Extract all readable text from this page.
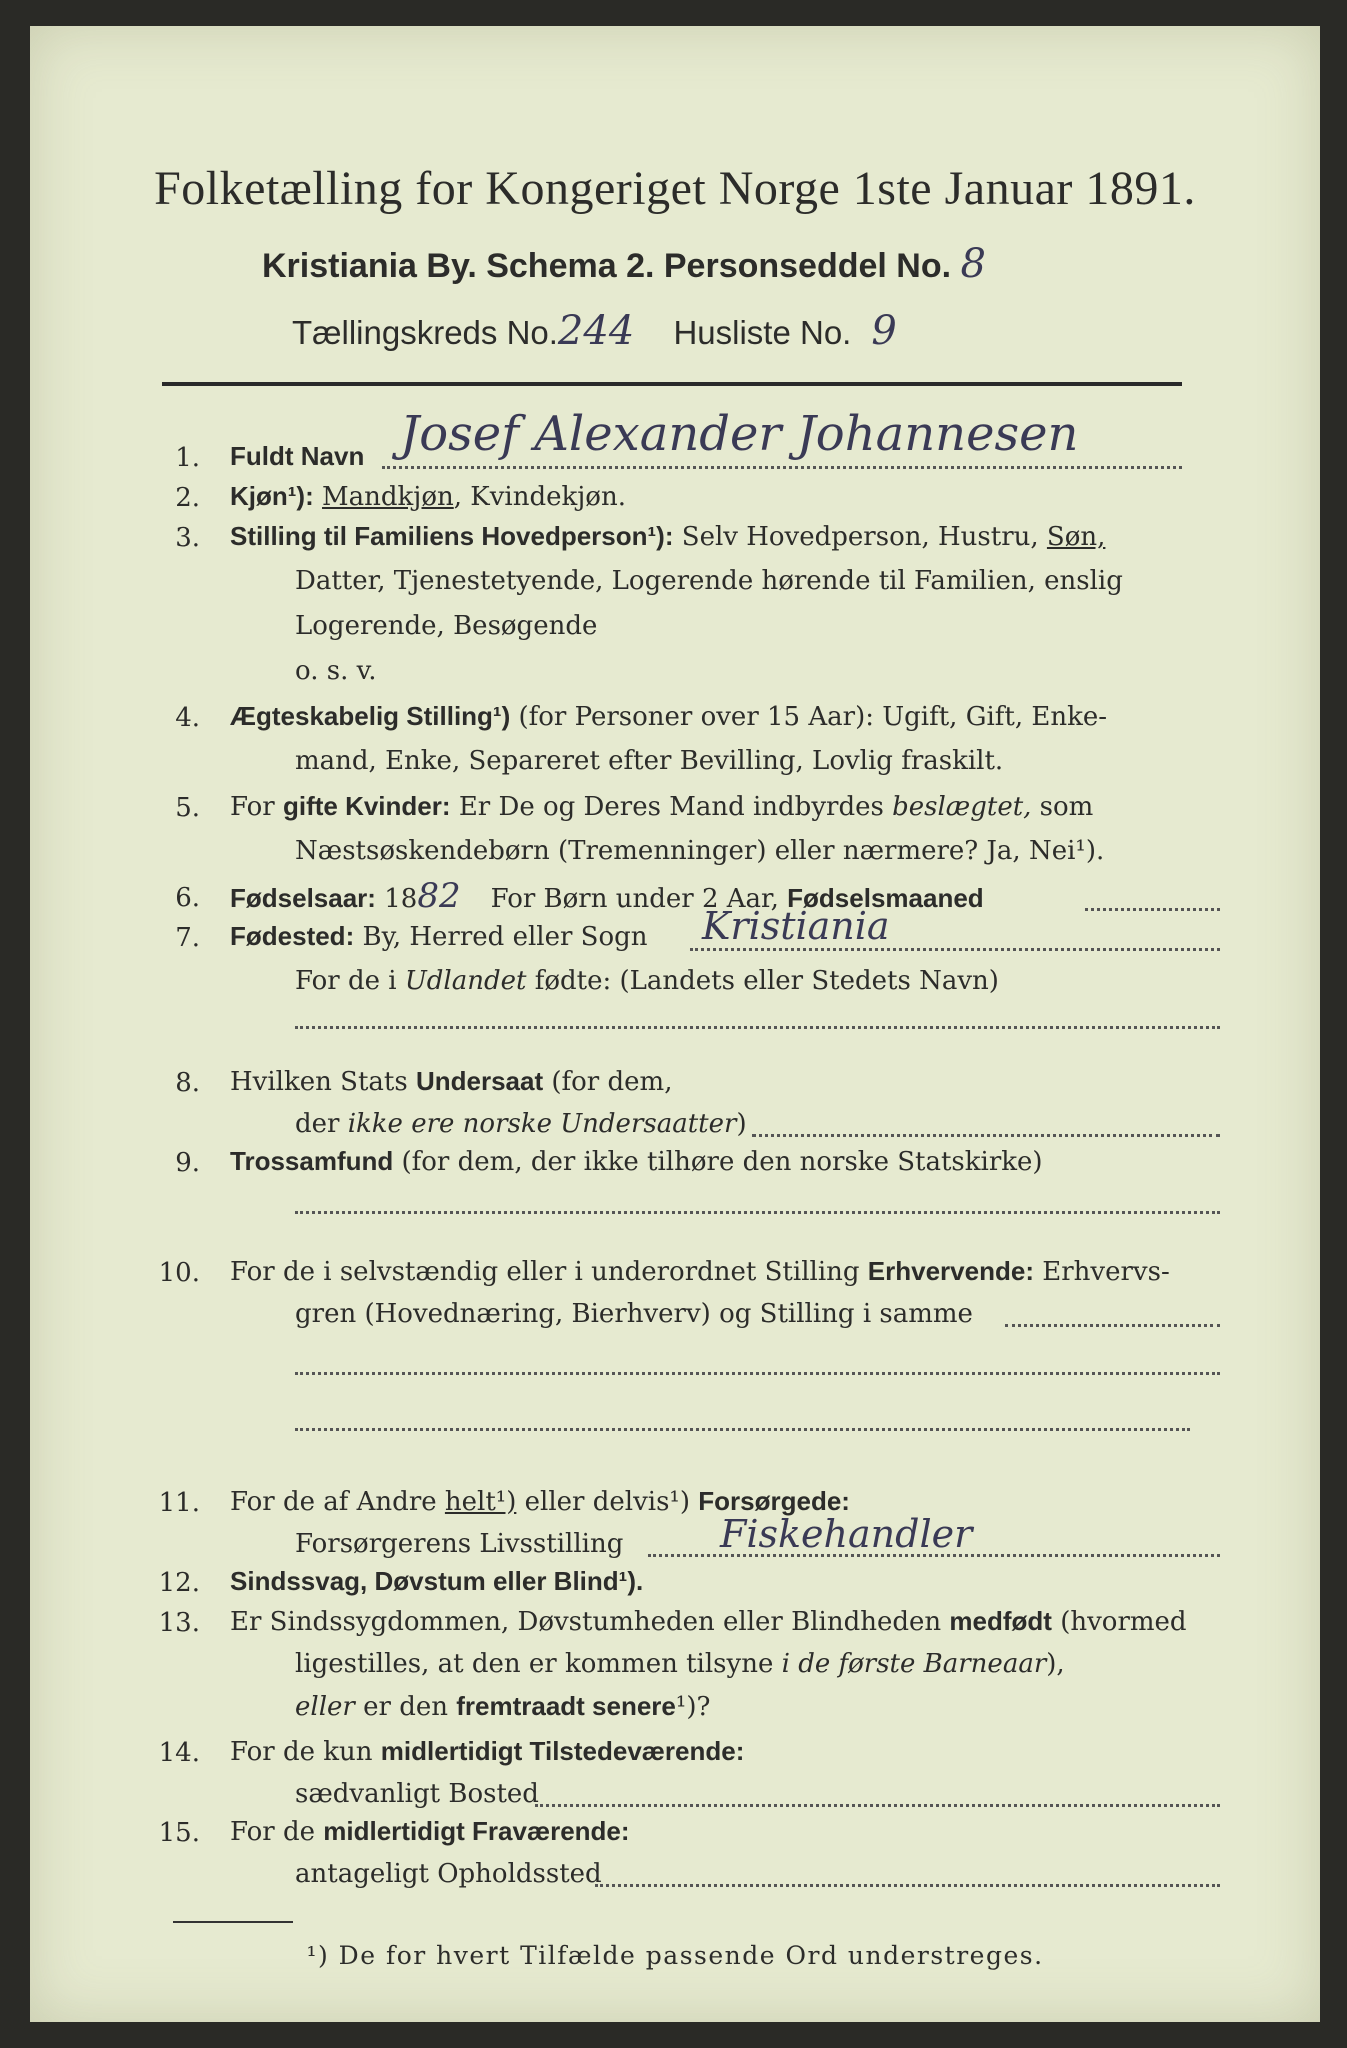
Folketælling for Kongeriget Norge 1ste Januar 1891.
Kristiania By. Schema 2. Personseddel No. 8
Tællingskreds No.244 Husliste No. 9
1. Fuldt Navn Josef Alexander Johannesen
2. Kjøn¹): Mandkjøn, Kvindekjøn.
3. Stilling til Familiens Hovedperson¹): Selv Hovedperson, Hustru, Søn,
Datter, Tjenestetyende, Logerende hørende til Familien, enslig
Logerende, Besøgende
o. s. v.
4. Ægteskabelig Stilling¹) (for Personer over 15 Aar): Ugift, Gift, Enke-
mand, Enke, Separeret efter Bevilling, Lovlig fraskilt.
5. For gifte Kvinder: Er De og Deres Mand indbyrdes beslægtet, som
Næstsøskendebørn (Tremenninger) eller nærmere? Ja, Nei¹).
6. Fødselsaar: 1882 For Børn under 2 Aar, Fødselsmaaned
7. Fødested: By, Herred eller Sogn Kristiania
For de i Udlandet fødte: (Landets eller Stedets Navn)
8. Hvilken Stats Undersaat (for dem,
der ikke ere norske Undersaatter)
9. Trossamfund (for dem, der ikke tilhøre den norske Statskirke)
10. For de i selvstændig eller i underordnet Stilling Erhvervende: Erhvervs-
gren (Hovednæring, Bierhverv) og Stilling i samme
11. For de af Andre helt¹) eller delvis¹) Forsørgede:
Forsørgerens Livsstilling	Fiskehandler
12. Sindssvag, Døvstum eller Blind¹).
13. Er Sindssygdommen, Døvstumheden eller Blindheden medfødt (hvormed
ligestilles, at den er kommen tilsyne i de første Barneaar),
eller er den fremtraadt senere¹)?
14. For de kun midlertidigt Tilstedeværende:
sædvanligt Bosted
¹) De for hvert Tilfælde passende Ord understreges.
15. For de midlertidigt Fraværende:
antageligt Opholdssted
